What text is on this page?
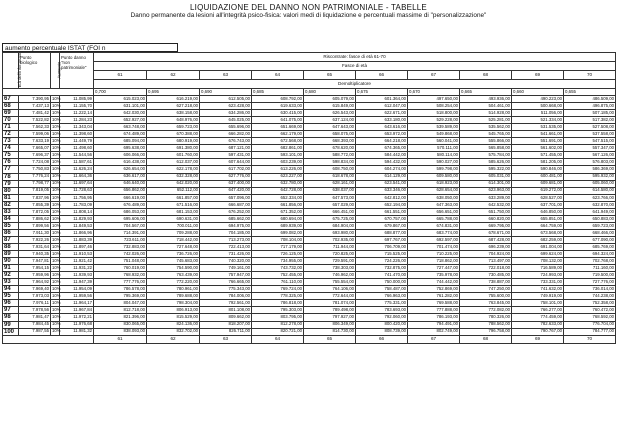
LIQUIDAZIONE DEL DANNO NON PATRIMONIALE - TABELLE
Danno permanente da lesioni all'integrità psico-fisica: valori medi di liquidazione e percentuali massime di "personalizzazione"
aumento percentuale ISTAT (FOI n
Età dell'infortunato	Punto biologico	Aumento	Punto danno "non patrimoniale"	Riscontrate: fasce di età 61-70									
				Fasce di età									
				61	62	63	64	65	66	67	68	69	70
				Demoltiplicatore									
				0,700	0,695	0,690	0,685	0,680	0,675	0,670	0,665	0,660	0,655
67	7.390,95	10%	11.085,99	615.023,00	616.219,00	612.505,00	608.792,00	605.079,00	601.364,00	497.650,00	493.936,00	490.223,00	486.509,00
68	7.437,13	10%	11.155,70	631.101,00	627.218,00	623.428,00	619.633,00	615.849,00	612.047,00	508.254,00	504.461,00	500.668,00	496.875,00
69	7.481,42	10%	11.222,14	642.030,00	638.158,00	634.286,00	630.415,00	626.543,00	622.671,00	518.800,00	514.928,00	511.056,00	507.185,00
70	7.522,82	10%	11.284,23	652.927,00	648.976,00	645.025,00	641.075,00	637.124,00	633.180,00	529.228,00	525.281,00	521.334,00	517.382,00
71	7.562,33	10%	11.343,04	663.748,00	659.723,00	655.696,00	651.669,00	647.643,00	643.616,00	539.589,00	535.562,00	531.535,00	527.508,00
72	7.599,06	10%	11.398,60	674.489,00	670.388,00	666.282,00	662.179,00	658.075,00	653.972,00	549.868,00	545.765,00	541.661,00	537.558,00
73	7.633,19	10%	11.449,79	685.094,00	680.919,00	676.743,00	672.568,00	668.393,00	664.218,00	560.041,00	555.866,00	551.691,00	547.515,00
74	7.665,07	10%	11.498,60	695.638,00	691.380,00	687.121,00	682.861,00	678.620,00	674.365,00	570.111,00	565.858,00	561.602,00	557.347,00
75	7.696,37	10%	11.544,56	606.066,00	601.760,00	597.431,00	593.101,00	588.772,00	584.442,00	580.114,00	575.784,00	571.455,00	567.126,00
76	7.724,08	10%	11.587,61	616.438,00	612.037,00	607.644,00	603.239,00	598.834,00	594.432,00	590.027,00	585.626,00	581.205,00	576.803,00
77	7.750,83	10%	11.626,24	626.654,00	622.178,00	617.702,00	613.226,00	608.750,00	604.274,00	599.798,00	595.322,00	590.846,00	586.369,00
78	7.776,24	10%	11.664,36	636.617,00	632.328,00	627.776,00	623.227,00	618.678,00	614.129,00	609.580,00	605.031,00	600.481,00	595.932,00
79	7.798,77	10%	11.697,64	646.640,00	642.020,00	637.400,00	632.780,00	628.161,00	623.541,00	618.923,00	614.301,00	609.681,00	605.060,00
80	7.819,05	10%	11.728,63	656.862,00	652.112,00	647.420,00	642.728,00	638.037,00	633.346,00	628.654,00	623.963,00	619.272,00	614.580,00
81	7.837,96	10%	11.756,95	666.619,00	661.857,00	657.096,00	652.334,00	647.573,00	642.812,00	638.050,00	633.289,00	628.527,00	623.766,00
82	7.855,39	10%	11.783,09	676.489,00	671.516,00	666.687,00	661.856,00	657.029,00	652.194,00	647.363,00	642.532,00	637.701,00	632.870,00
83	7.872,05	10%	11.808,14	686.053,00	681.153,00	676.252,00	671.352,00	666.451,00	661.551,00	656.651,00	651.750,00	646.850,00	641.949,00
84	7.886,62	10%	11.829,93	695.606,00	690.631,00	685.662,00	680.694,00	675.725,00	670.757,00	665.788,00	660.820,00	655.851,00	650.883,00
85	7.899,56	10%	11.849,53	704.567,00	700.011,00	694.975,00	689.939,00	684.904,00	679.867,00	674.831,00	669.795,00	664.759,00	659.723,00
86	7.911,30	10%	11.866,96	714.391,00	709.288,00	704.185,00	699.082,00	693.980,00	688.877,00	683.774,00	678.671,00	673.568,00	668.466,00
87	7.922,26	10%	11.883,39	723.611,00	718.442,00	713.273,00	708.104,00	702.935,00	697.767,00	692.597,00	687.428,00	682.259,00	677.090,00
88	7.931,64	10%	11.897,46	732.883,00	727.648,00	722.413,00	717.179,00	711.944,00	706.709,00	701.474,00	696.239,00	691.004,00	685.769,00
89	7.940,35	10%	11.910,53	742.026,00	736.726,00	731.426,00	726.125,00	720.825,00	715.525,00	710.225,00	704.924,00	699.624,00	694.324,00
90	7.947,81	10%	11.921,42	751.048,00	745.683,00	740.320,00	734.955,00	729.591,00	724.226,00	718.862,00	713.497,00	708.132,00	702.768,00
91	7.954,15	10%	11.931,22	760.019,00	754.590,00	749.161,00	743.732,00	738.303,00	732.875,00	727.447,00	722.018,00	716.589,00	711.160,00
92	7.959,96	10%	11.939,93	768.932,00	763.439,00	757.947,00	752.455,00	746.962,00	741.470,00	735.978,00	730.485,00	724.993,00	719.500,00
93	7.964,92	10%	11.947,39	777.776,00	772.220,00	766.665,00	761.110,00	755.554,00	750.000,00	744.442,00	738.887,00	733.331,00	727.776,00
94	7.969,40	10%	11.954,09	786.578,00	780.961,00	775.343,00	769.724,00	764.106,00	758.487,00	752.869,00	747.250,00	741.632,00	736.014,00
95	7.973,03	10%	11.959,56	795.369,00	789.688,00	784.006,00	778.325,00	772.644,00	766.963,00	761.282,00	755.600,00	749.919,00	744.238,00
96	7.976,11	10%	11.964,17	804.047,00	798.304,00	792.561,00	786.818,00	781.074,00	775.331,00	769.588,00	763.845,00	758.101,00	752.358,00
97	7.978,56	10%	11.967,84	812.718,00	806.913,00	801.108,00	795.303,00	789.498,00	783.693,00	777.888,00	772.082,00	766.277,00	760.472,00
98	7.981,47	10%	11.972,21	821.396,00	815.529,00	809.662,00	803.795,00	797.927,00	792.060,00	786.193,00	780.326,00	774.459,00	768.592,00
99	7.984,45	10%	11.976,68	830.065,00	824.136,00	818.207,00	812.278,00	806.349,00	800.420,00	794.491,00	788.562,00	782.633,00	776.704,00
100	7.987,55	10%	11.981,32	838.093,00	832.702,00	826.711,00	820.721,00	814.730,00	808.739,00	802.749,00	796.758,00	790.767,00	784.777,00
				61	62	63	64	65	66	67	68	69	70
